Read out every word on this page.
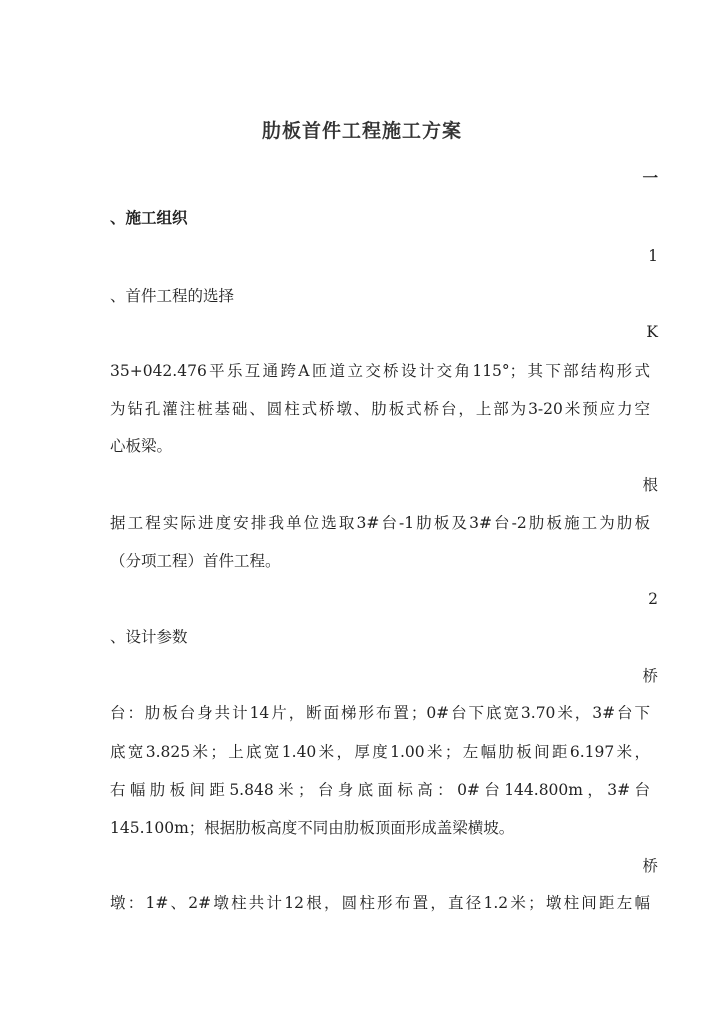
肋板首件工程施工方案
一
、施工组织
1
、首件工程的选择
K
35+042.476平乐互通跨A匝道立交桥设计交角115°；其下部结构形式
为钻孔灌注桩基础、圆柱式桥墩、肋板式桥台，上部为3-20米预应力空
心板梁。
根
据工程实际进度安排我单位选取3#台-1肋板及3#台-2肋板施工为肋板
（分项工程）首件工程。
2
、设计参数
桥
台：肋板台身共计14片，断面梯形布置；0#台下底宽3.70米，3#台下
底宽3.825米；上底宽1.40米，厚度1.00米；左幅肋板间距6.197米，
右幅肋板间距5.848米；台身底面标高：0#台144.800m，3#台
145.100m；根据肋板高度不同由肋板顶面形成盖梁横坡。
桥
墩：1#、2#墩柱共计12根，圆柱形布置，直径1.2米；墩柱间距左幅
